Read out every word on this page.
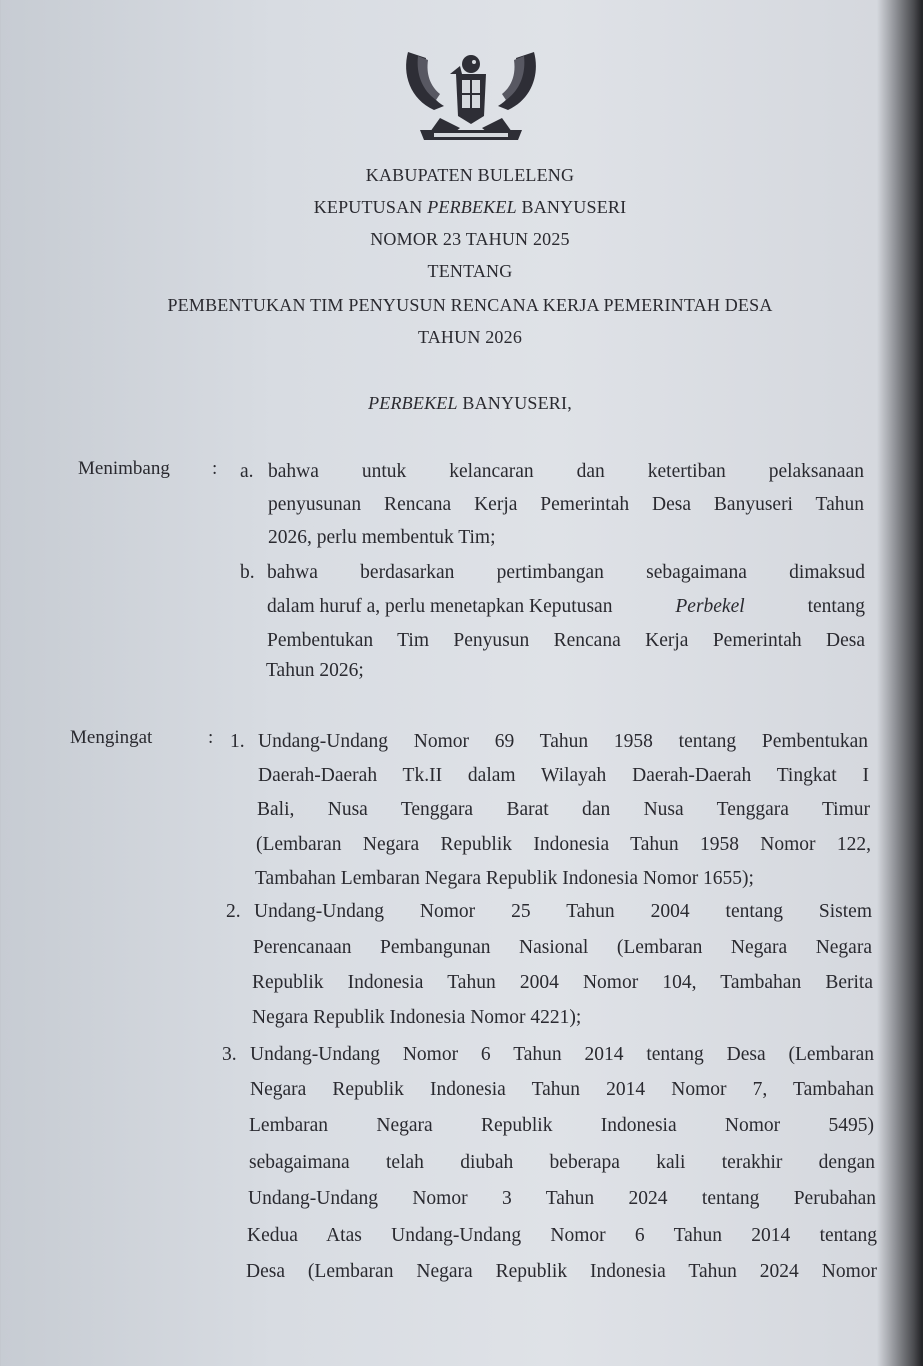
KABUPATEN BULELENG
KEPUTUSAN PERBEKEL BANYUSERI
NOMOR 23 TAHUN 2025
TENTANG
PEMBENTUKAN TIM PENYUSUN RENCANA KERJA PEMERINTAH DESA
TAHUN 2026
PERBEKEL BANYUSERI,
Menimbang : a. bahwa untuk kelancaran dan ketertiban pelaksanaan
penyusunan Rencana Kerja Pemerintah Desa Banyuseri Tahun
2026, perlu membentuk Tim;
b. bahwa berdasarkan pertimbangan sebagaimana dimaksud
dalam huruf a, perlu menetapkan Keputusan	Perbekel	tentang
Pembentukan Tim Penyusun Rencana Kerja Pemerintah Desa
Tahun 2026;
Mengingat	: 1. Undang-Undang Nomor 69 Tahun 1958 tentang Pembentukan
Daerah-Daerah Tk.II dalam Wilayah Daerah-Daerah Tingkat I
Bali, Nusa Tenggara Barat dan Nusa Tenggara Timur
(Lembaran Negara Republik Indonesia Tahun 1958 Nomor 122,
Tambahan Lembaran Negara Republik Indonesia Nomor 1655);
2. Undang-Undang Nomor 25 Tahun 2004 tentang Sistem
Perencanaan Pembangunan Nasional (Lembaran Negara Negara
Republik Indonesia Tahun 2004 Nomor 104, Tambahan Berita
Negara Republik Indonesia Nomor 4221);
3. Undang-Undang Nomor 6 Tahun 2014 tentang Desa (Lembaran
Negara Republik Indonesia Tahun 2014 Nomor 7, Tambahan
Lembaran Negara Republik Indonesia Nomor 5495)
sebagaimana telah diubah beberapa kali terakhir dengan
Undang-Undang Nomor 3 Tahun 2024 tentang Perubahan
Kedua Atas Undang-Undang Nomor 6 Tahun 2014 tentang
Desa (Lembaran Negara Republik Indonesia Tahun 2024 Nomor
